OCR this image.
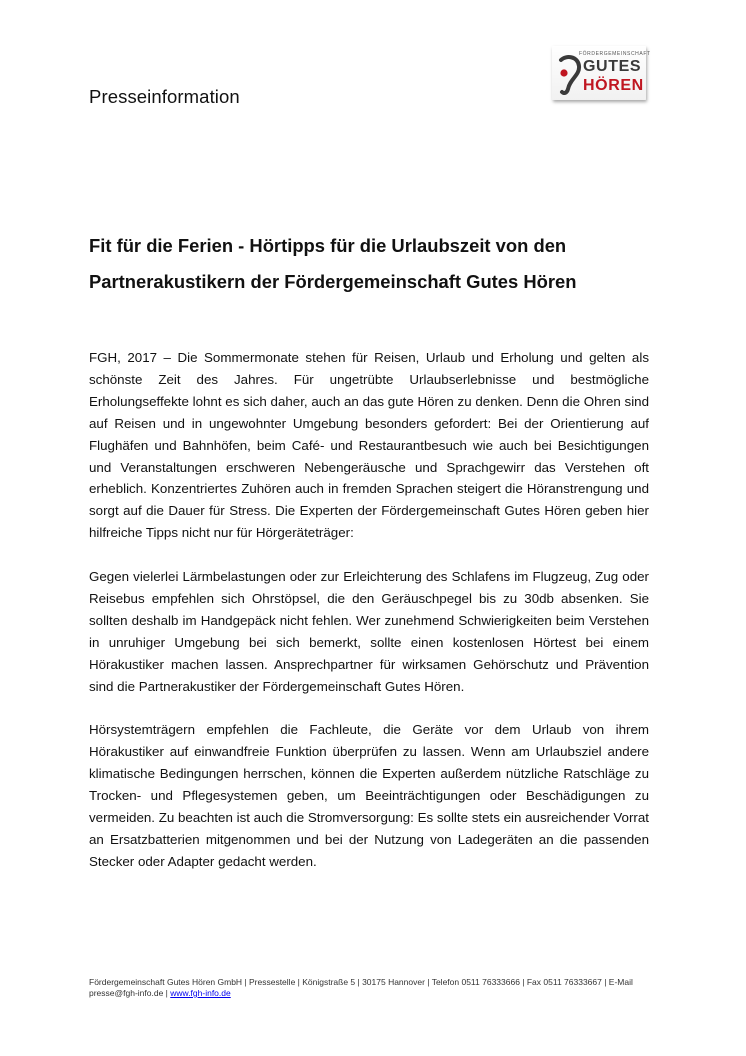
Presseinformation
FÖRDERGEMEINSCHAFT
GUTES
HÖREN
Fit für die Ferien - Hörtipps für die Urlaubszeit von den
Partnerakustikern der Fördergemeinschaft Gutes Hören

FGH, 2017 – Die Sommermonate stehen für Reisen, Urlaub und Erholung und gelten als schönste Zeit des Jahres. Für ungetrübte Urlaubserlebnisse und bestmögliche Erholungseffekte lohnt es sich daher, auch an das gute Hören zu denken. Denn die Ohren sind auf Reisen und in ungewohnter Umgebung besonders gefordert: Bei der Orientierung auf Flughäfen und Bahnhöfen, beim Café- und Restaurantbesuch wie auch bei Besichtigungen und Veranstaltungen erschweren Nebengeräusche und Sprachgewirr das Verstehen oft erheblich. Konzentriertes Zuhören auch in fremden Sprachen steigert die Höranstrengung und sorgt auf die Dauer für Stress. Die Experten der Fördergemeinschaft Gutes Hören geben hier hilfreiche Tipps nicht nur für Hörgeräteträger:

Gegen vielerlei Lärmbelastungen oder zur Erleichterung des Schlafens im Flugzeug, Zug oder Reisebus empfehlen sich Ohrstöpsel, die den Geräuschpegel bis zu 30db absenken. Sie sollten deshalb im Handgepäck nicht fehlen. Wer zunehmend Schwierigkeiten beim Verstehen in unruhiger Umgebung bei sich bemerkt, sollte einen kostenlosen Hörtest bei einem Hörakustiker machen lassen. Ansprechpartner für wirksamen Gehörschutz und Prävention sind die Partnerakustiker der Fördergemeinschaft Gutes Hören.

Hörsystemträgern empfehlen die Fachleute, die Geräte vor dem Urlaub von ihrem Hörakustiker auf einwandfreie Funktion überprüfen zu lassen. Wenn am Urlaubsziel andere klimatische Bedingungen herrschen, können die Experten außerdem nützliche Ratschläge zu Trocken- und Pflegesystemen geben, um Beeinträchtigungen oder Beschädigungen zu vermeiden. Zu beachten ist auch die Stromversorgung: Es sollte stets ein ausreichender Vorrat an Ersatzbatterien mitgenommen und bei der Nutzung von Ladegeräten an die passenden Stecker oder Adapter gedacht werden.

Fördergemeinschaft Gutes Hören GmbH | Pressestelle | Königstraße 5 | 30175 Hannover | Telefon 0511 76333666 | Fax 0511 76333667 | E-Mail presse@fgh-info.de | www.fgh-info.de
